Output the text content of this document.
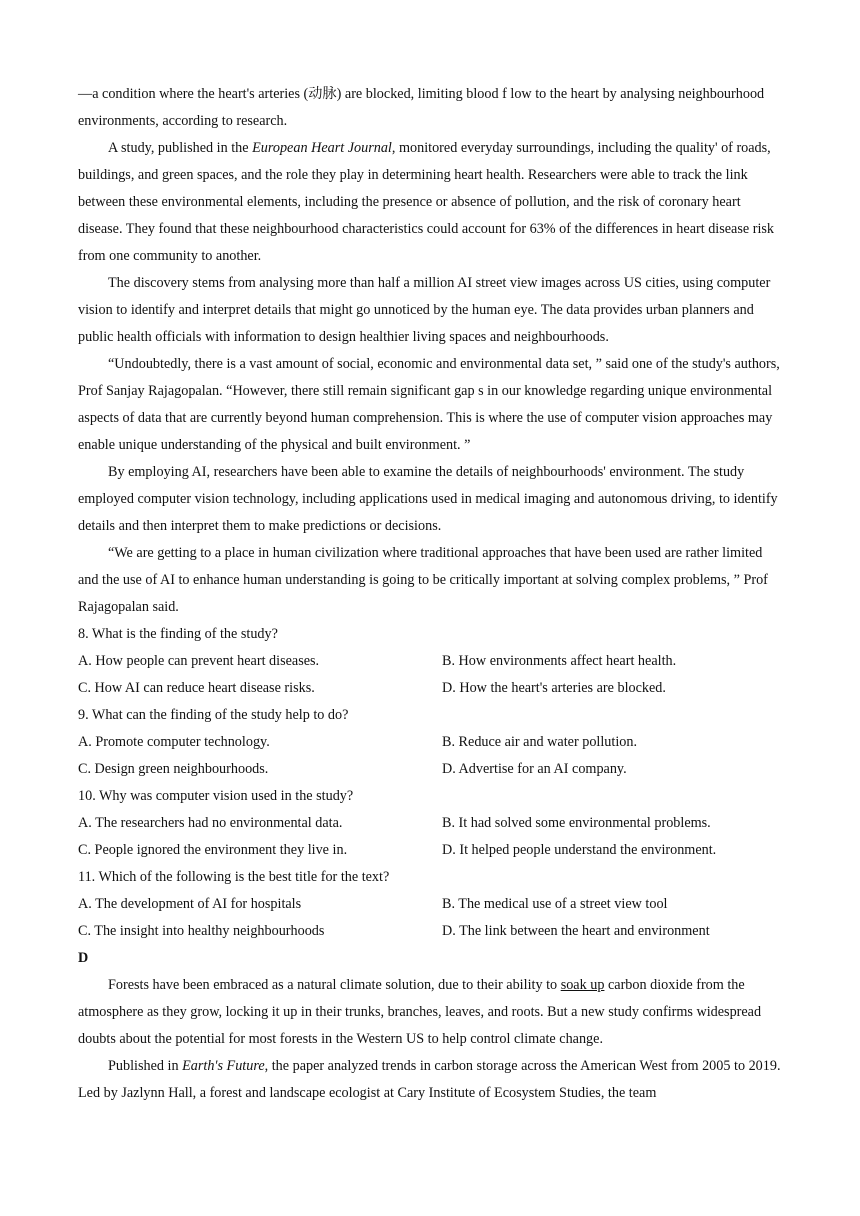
—a condition where the heart's arteries (动脉) are blocked, limiting blood f low to the heart by analysing neighbourhood environments, according to research.

A study, published in the European Heart Journal, monitored everyday surroundings, including the quality' of roads, buildings, and green spaces, and the role they play in determining heart health. Researchers were able to track the link between these environmental elements, including the presence or absence of pollution, and the risk of coronary heart disease. They found that these neighbourhood characteristics could account for 63% of the differences in heart disease risk from one community to another.

The discovery stems from analysing more than half a million AI street view images across US cities, using computer vision to identify and interpret details that might go unnoticed by the human eye. The data provides urban planners and public health officials with information to design healthier living spaces and neighbourhoods.

“Undoubtedly, there is a vast amount of social, economic and environmental data set, ” said one of the study's authors, Prof Sanjay Rajagopalan. “However, there still remain significant gap s in our knowledge regarding unique environmental aspects of data that are currently beyond human comprehension. This is where the use of computer vision approaches may enable unique understanding of the physical and built environment. ”

By employing AI, researchers have been able to examine the details of neighbourhoods' environment. The study employed computer vision technology, including applications used in medical imaging and autonomous driving, to identify details and then interpret them to make predictions or decisions.

“We are getting to a place in human civilization where traditional approaches that have been used are rather limited and the use of AI to enhance human understanding is going to be critically important at solving complex problems, ” Prof Rajagopalan said.

8. What is the finding of the study?

A. How people can prevent heart diseases.	B. How environments affect heart health.
C. How AI can reduce heart disease risks.	D. How the heart's arteries are blocked.

9. What can the finding of the study help to do?

A. Promote computer technology.	B. Reduce air and water pollution.
C. Design green neighbourhoods.	D. Advertise for an AI company.

10. Why was computer vision used in the study?

A. The researchers had no environmental data.	B. It had solved some environmental problems.
C. People ignored the environment they live in.	D. It helped people understand the environment.

11. Which of the following is the best title for the text?

A. The development of AI for hospitals	B. The medical use of a street view tool
C. The insight into healthy neighbourhoods	D. The link between the heart and environment

D

Forests have been embraced as a natural climate solution, due to their ability to soak up carbon dioxide from the atmosphere as they grow, locking it up in their trunks, branches, leaves, and roots. But a new study confirms widespread doubts about the potential for most forests in the Western US to help control climate change.

Published in Earth's Future, the paper analyzed trends in carbon storage across the American West from 2005 to 2019. Led by Jazlynn Hall, a forest and landscape ecologist at Cary Institute of Ecosystem Studies, the team
